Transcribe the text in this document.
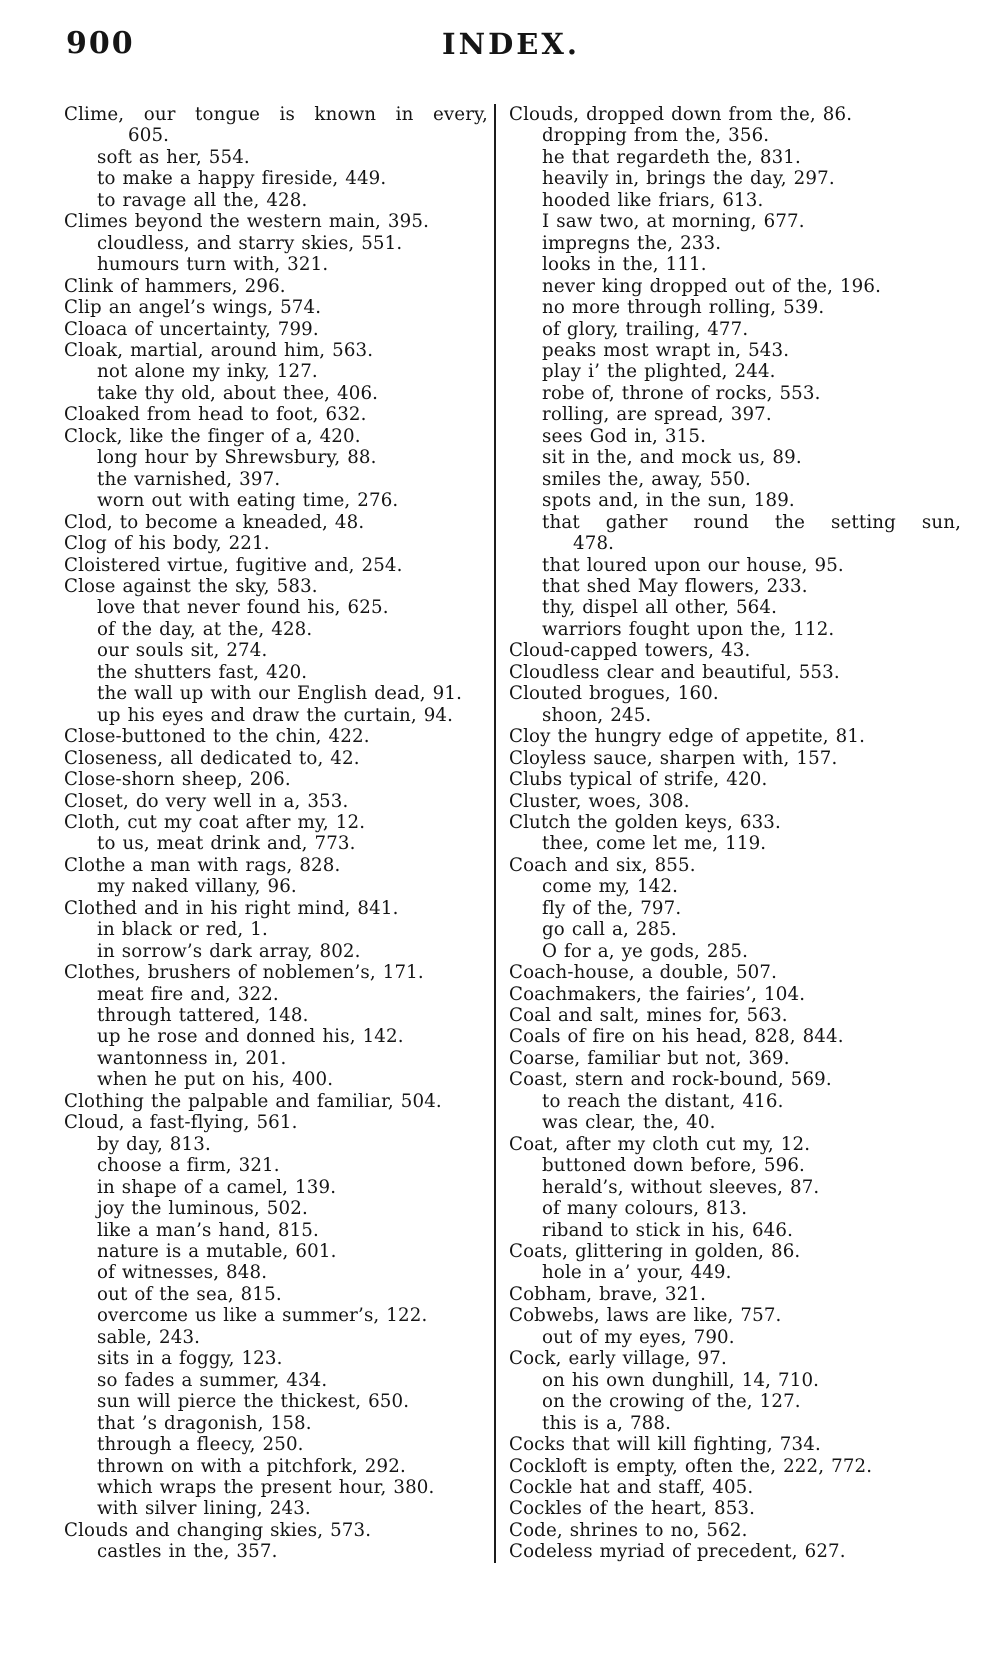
900	INDEX.
Clime, our tongue is known in every,
605.
soft as her, 554.
to make a happy fireside, 449.
to ravage all the, 428.
Climes beyond the western main, 395.
cloudless, and starry skies, 551.
humours turn with, 321.
Clink of hammers, 296.
Clip an angel’s wings, 574.
Cloaca of uncertainty, 799.
Cloak, martial, around him, 563.
not alone my inky, 127.
take thy old, about thee, 406.
Cloaked from head to foot, 632.
Clock, like the finger of a, 420.
long hour by Shrewsbury, 88.
the varnished, 397.
worn out with eating time, 276.
Clod, to become a kneaded, 48.
Clog of his body, 221.
Cloistered virtue, fugitive and, 254.
Close against the sky, 583.
love that never found his, 625.
of the day, at the, 428.
our souls sit, 274.
the shutters fast, 420.
the wall up with our English dead, 91.
up his eyes and draw the curtain, 94.
Close-buttoned to the chin, 422.
Closeness, all dedicated to, 42.
Close-shorn sheep, 206.
Closet, do very well in a, 353.
Cloth, cut my coat after my, 12.
to us, meat drink and, 773.
Clothe a man with rags, 828.
my naked villany, 96.
Clothed and in his right mind, 841.
in black or red, 1.
in sorrow’s dark array, 802.
Clothes, brushers of noblemen’s, 171.
meat fire and, 322.
through tattered, 148.
up he rose and donned his, 142.
wantonness in, 201.
when he put on his, 400.
Clothing the palpable and familiar, 504.
Cloud, a fast-flying, 561.
by day, 813.
choose a firm, 321.
in shape of a camel, 139.
joy the luminous, 502.
like a man’s hand, 815.
nature is a mutable, 601.
of witnesses, 848.
out of the sea, 815.
overcome us like a summer’s, 122.
sable, 243.
sits in a foggy, 123.
so fades a summer, 434.
sun will pierce the thickest, 650.
that ’s dragonish, 158.
through a fleecy, 250.
thrown on with a pitchfork, 292.
which wraps the present hour, 380.
with silver lining, 243.
Clouds and changing skies, 573.
castles in the, 357.
Clouds, dropped down from the, 86.
dropping from the, 356.
he that regardeth the, 831.
heavily in, brings the day, 297.
hooded like friars, 613.
I saw two, at morning, 677.
impregns the, 233.
looks in the, 111.
never king dropped out of the, 196.
no more through rolling, 539.
of glory, trailing, 477.
peaks most wrapt in, 543.
play i’ the plighted, 244.
robe of, throne of rocks, 553.
rolling, are spread, 397.
sees God in, 315.
sit in the, and mock us, 89.
smiles the, away, 550.
spots and, in the sun, 189.
that gather round the setting sun,
478.
that loured upon our house, 95.
that shed May flowers, 233.
thy, dispel all other, 564.
warriors fought upon the, 112.
Cloud-capped towers, 43.
Cloudless clear and beautiful, 553.
Clouted brogues, 160.
shoon, 245.
Cloy the hungry edge of appetite, 81.
Cloyless sauce, sharpen with, 157.
Clubs typical of strife, 420.
Cluster, woes, 308.
Clutch the golden keys, 633.
thee, come let me, 119.
Coach and six, 855.
come my, 142.
fly of the, 797.
go call a, 285.
O for a, ye gods, 285.
Coach-house, a double, 507.
Coachmakers, the fairies’, 104.
Coal and salt, mines for, 563.
Coals of fire on his head, 828, 844.
Coarse, familiar but not, 369.
Coast, stern and rock-bound, 569.
to reach the distant, 416.
was clear, the, 40.
Coat, after my cloth cut my, 12.
buttoned down before, 596.
herald’s, without sleeves, 87.
of many colours, 813.
riband to stick in his, 646.
Coats, glittering in golden, 86.
hole in a’ your, 449.
Cobham, brave, 321.
Cobwebs, laws are like, 757.
out of my eyes, 790.
Cock, early village, 97.
on his own dunghill, 14, 710.
on the crowing of the, 127.
this is a, 788.
Cocks that will kill fighting, 734.
Cockloft is empty, often the, 222, 772.
Cockle hat and staff, 405.
Cockles of the heart, 853.
Code, shrines to no, 562.
Codeless myriad of precedent, 627.
